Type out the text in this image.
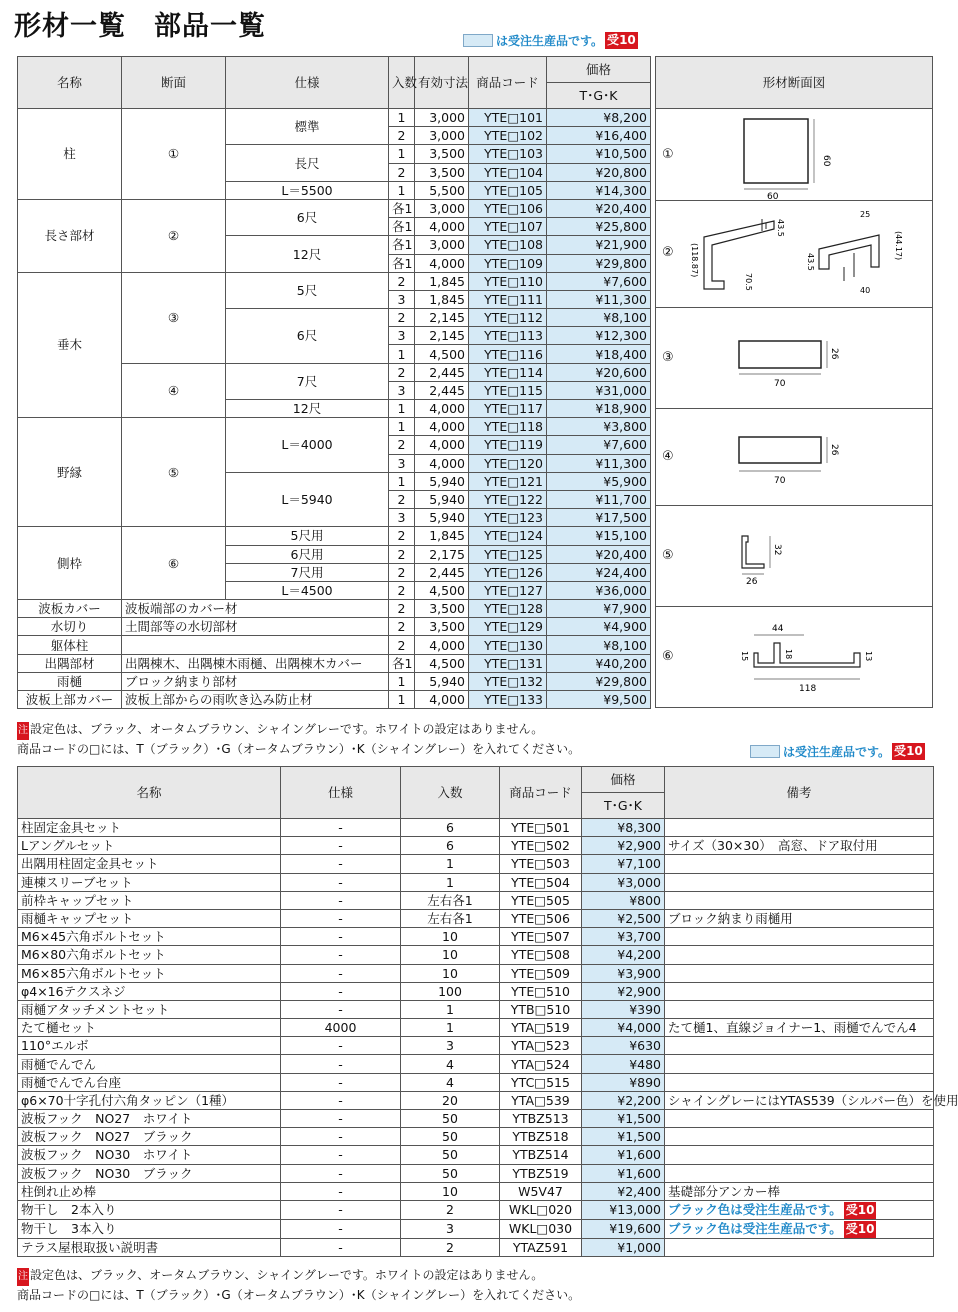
形材一覧　部品一覧	は受注生産品です。 受10
名称	断面	仕様	入数	有効寸法	商品コード	価格
						T･G･K
柱	①	標準	1	3,000	YTE□101	¥8,200
			2	3,000	YTE□102	¥16,400
		長尺	1	3,500	YTE□103	¥10,500
			2	3,500	YTE□104	¥20,800
		L＝5500	1	5,500	YTE□105	¥14,300
長さ部材	②	6尺	各1	3,000	YTE□106	¥20,400
			各1	4,000	YTE□107	¥25,800
		12尺	各1	3,000	YTE□108	¥21,900
			各1	4,000	YTE□109	¥29,800
垂木	③	5尺	2	1,845	YTE□110	¥7,600
			3	1,845	YTE□111	¥11,300
		6尺	2	2,145	YTE□112	¥8,100
			3	2,145	YTE□113	¥12,300
			1	4,500	YTE□116	¥18,400
	④	7尺	2	2,445	YTE□114	¥20,600
			3	2,445	YTE□115	¥31,000
		12尺	1	4,000	YTE□117	¥18,900
野縁	⑤	L＝4000	1	4,000	YTE□118	¥3,800
			2	4,000	YTE□119	¥7,600
			3	4,000	YTE□120	¥11,300
		L＝5940	1	5,940	YTE□121	¥5,900
			2	5,940	YTE□122	¥11,700
			3	5,940	YTE□123	¥17,500
側枠	⑥	5尺用	2	1,845	YTE□124	¥15,100
		6尺用	2	2,175	YTE□125	¥20,400
		7尺用	2	2,445	YTE□126	¥24,400
		L＝4500	2	4,500	YTE□127	¥36,000
波板カバー	波板端部のカバー材		2	3,500	YTE□128	¥7,900
水切り	土間部等の水切部材		2	3,500	YTE□129	¥4,900
躯体柱			2	4,000	YTE□130	¥8,100
出隅部材	出隅棟木、出隅棟木雨樋、出隅棟木カバー		各1	4,500	YTE□131	¥40,200
雨樋	ブロック納まり部材		1	5,940	YTE□132	¥29,800
波板上部カバー	波板上部からの雨吹き込み防止材		1	4,000	YTE□133	¥9,500
形材断面図
①
60
60
② (118.87)
70.5
43.5
25
43.5
(44.17)
40
③
70
26
④
70
26
⑤
26
32
⑥
44
15	18	13
118
注 設定色は、ブラック、オータムブラウン、シャイングレーです。ホワイトの設定はありません。
商品コードの□には、T（ブラック）･G（オータムブラウン）･K（シャイングレー）を入れてください。	は受注生産品です。 受10
名称	仕様	入数	商品コード	価格	備考
				T･G･K	
柱固定金具セット	-	6	YTE□501	¥8,300	
Lアングルセット	-	6	YTE□502	¥2,900	サイズ（30×30）　高窓、ドア取付用
出隅用柱固定金具セット	-	1	YTE□503	¥7,100	
連棟スリーブセット	-	1	YTE□504	¥3,000	
前枠キャップセット	-	左右各1	YTE□505	¥800	
雨樋キャップセット	-	左右各1	YTE□506	¥2,500	ブロック納まり雨樋用
M6×45六角ボルトセット	-	10	YTE□507	¥3,700	
M6×80六角ボルトセット	-	10	YTE□508	¥4,200	
M6×85六角ボルトセット	-	10	YTE□509	¥3,900	
φ4×16テクスネジ	-	100	YTE□510	¥2,900	
雨樋アタッチメントセット	-	1	YTB□510	¥390	
たて樋セット	4000	1	YTA□519	¥4,000	たて樋1、直線ジョイナー1、雨樋でんでん4
110°エルボ	-	3	YTA□523	¥630	
雨樋でんでん	-	4	YTA□524	¥480	
雨樋でんでん台座	-	4	YTC□515	¥890	
φ6×70十字孔付六角タッピン（1種）	-	20	YTA□539	¥2,200	シャイングレーにはYTAS539（シルバー色）を使用
波板フック　NO27　ホワイト	-	50	YTBZ513	¥1,500	
波板フック　NO27　ブラック	-	50	YTBZ518	¥1,500	
波板フック　NO30　ホワイト	-	50	YTBZ514	¥1,600	
波板フック　NO30　ブラック	-	50	YTBZ519	¥1,600	
柱倒れ止め棒	-	10	W5V47	¥2,400	基礎部分アンカー棒
物干し　2本入り	-	2	WKL□020	¥13,000	ブラック色は受注生産品です。 受10
物干し　3本入り	-	3	WKL□030	¥19,600	ブラック色は受注生産品です。 受10
テラス屋根取扱い説明書	-	2	YTAZ591	¥1,000	
注 設定色は、ブラック、オータムブラウン、シャイングレーです。ホワイトの設定はありません。
商品コードの□には、T（ブラック）･G（オータムブラウン）･K（シャイングレー）を入れてください。
